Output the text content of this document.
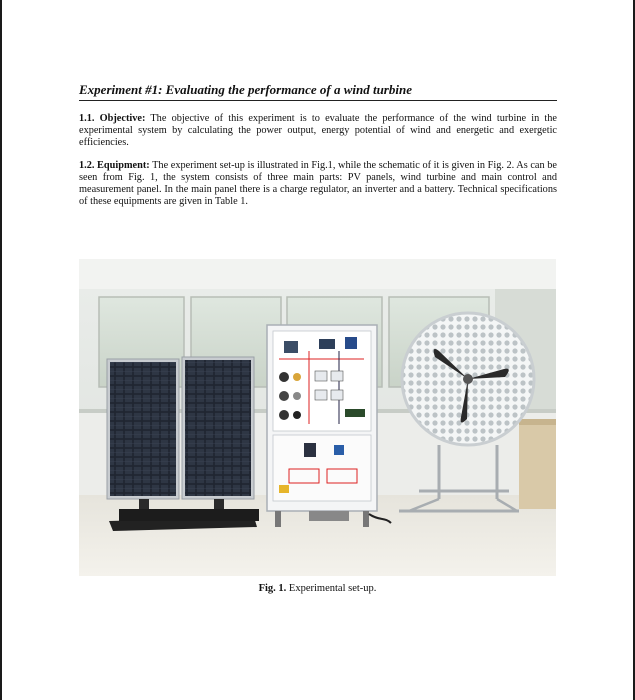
Experiment #1: Evaluating the performance of a wind turbine

1.1. Objective: The objective of this experiment is to evaluate the performance of the wind turbine in the experimental system by calculating the power output, energy potential of wind and energetic and exergetic efficiencies.

1.2. Equipment: The experiment set-up is illustrated in Fig.1, while the schematic of it is given in Fig. 2. As can be seen from Fig. 1, the system consists of three main parts: PV panels, wind turbine and main control and measurement panel. In the main panel there is a charge regulator, an inverter and a battery. Technical specifications of these equipments are given in Table 1.

Fig. 1. Experimental set-up.
